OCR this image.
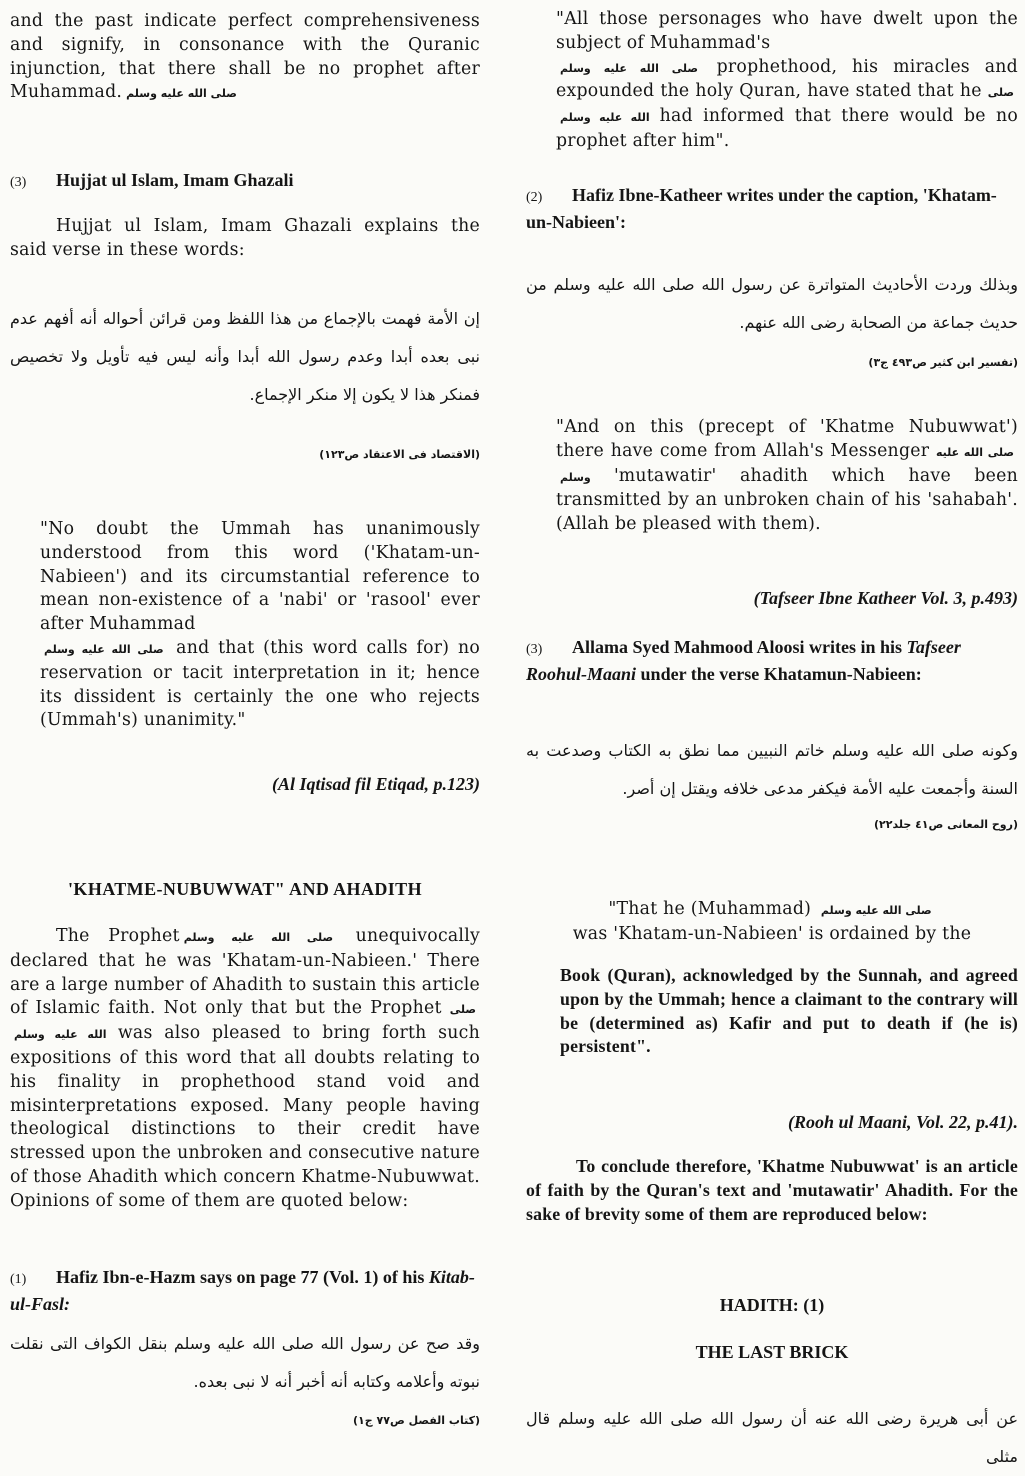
and the past indicate perfect comprehensiveness and signify, in consonance with the Quranic injunction, that there shall be no prophet after Muhammad. صلى الله عليه وسلم

(3) Hujjat ul Islam, Imam Ghazali

Hujjat ul Islam, Imam Ghazali explains the said verse in these words:

إن الأمة فهمت بالإجماع من هذا اللفظ ومن قرائن أحواله أنه أفهم عدم نبى بعده أبدا وعدم رسول الله أبدا وأنه ليس فيه تأويل ولا تخصيص فمنكر هذا لا يكون إلا منكر الإجماع.

(الاقتصاد فى الاعتقاد ص١٢٣)

"No doubt the Ummah has unanimously understood from this word ('Khatam-un-Nabieen') and its circumstantial reference to mean non-existence of a 'nabi' or 'rasool' ever after Muhammad
صلى الله عليه وسلم and that (this word calls for) no reservation or tacit interpretation in it; hence its dissident is certainly the one who rejects (Ummah's) unanimity."

(Al Iqtisad fil Etiqad, p.123)
'KHATME-NUBUWWAT" AND AHADITH

The Prophet صلى الله عليه وسلم unequivocally declared that he was 'Khatam-un-Nabieen.' There are a large number of Ahadith to sustain this article of Islamic faith. Not only that but the Prophet صلى الله عليه وسلم was also pleased to bring forth such expositions of this word that all doubts relating to his finality in prophethood stand void and misinterpretations exposed. Many people having theological distinctions to their credit have stressed upon the unbroken and consecutive nature of those Ahadith which concern Khatme-Nubuwwat. Opinions of some of them are quoted below:

(1) Hafiz Ibn-e-Hazm says on page 77 (Vol. 1) of his Kitab-ul-Fasl:

وقد صح عن رسول الله صلى الله عليه وسلم بنقل الكواف التى نقلت نبوته وأعلامه وكتابه أنه أخبر أنه لا نبى بعده.

(كتاب الفصل ص٧٧ ج١)

"All those personages who have dwelt upon the subject of Muhammad's
صلى الله عليه وسلم prophethood, his miracles and expounded the holy Quran, have stated that he صلى الله عليه وسلم had informed that there would be no prophet after him".

(2) Hafiz Ibne-Katheer writes under the caption, 'Khatam-un-Nabieen':

وبذلك وردت الأحاديث المتواترة عن رسول الله صلى الله عليه وسلم من حديث جماعة من الصحابة رضى الله عنهم.

(تفسير ابن كثير ص٤٩٣ ج٣)

"And on this (precept of 'Khatme Nubuwwat') there have come from Allah's Messenger صلى الله عليه وسلم 'mutawatir' ahadith which have been transmitted by an unbroken chain of his 'sahabah'. (Allah be pleased with them).

(Tafseer Ibne Katheer Vol. 3, p.493)
(3) Allama Syed Mahmood Aloosi writes in his Tafseer Roohul-Maani under the verse Khatamun-Nabieen:

وكونه صلى الله عليه وسلم خاتم النبيين مما نطق به الكتاب وصدعت به السنة وأجمعت عليه الأمة فيكفر مدعى خلافه ويقتل إن أصر.

(روح المعانى ص٤١ جلد٢٢)

"That he (Muhammad) صلى الله عليه وسلم
was 'Khatam-un-Nabieen' is ordained by the

Book (Quran), acknowledged by the Sunnah, and agreed upon by the Ummah; hence a claimant to the contrary will be (determined as) Kafir and put to death if (he is) persistent".

(Rooh ul Maani, Vol. 22, p.41).

To conclude therefore, 'Khatme Nubuwwat' is an article of faith by the Quran's text and 'mutawatir' Ahadith. For the sake of brevity some of them are reproduced below:

HADITH: (1)
THE LAST BRICK

عن أبى هريرة رضى الله عنه أن رسول الله صلى الله عليه وسلم قال مثلى
